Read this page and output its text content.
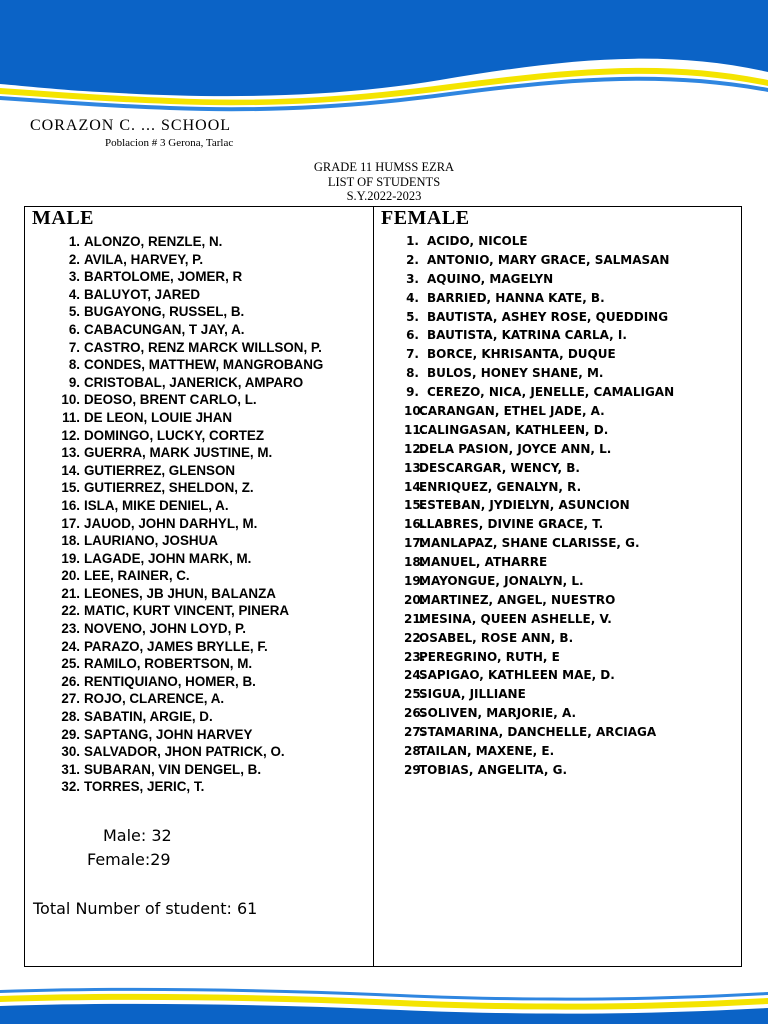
CORAZON C. ... SCHOOL

Poblacion # 3 Gerona, Tarlac

GRADE 11 HUMSS EZRA
LIST OF STUDENTS
S.Y.2022-2023
MALE	FEMALE
1. ALONZO, RENZLE, N.
2. AVILA, HARVEY, P.
3. BARTOLOME, JOMER, R
4. BALUYOT, JARED
5. BUGAYONG, RUSSEL, B.
6. CABACUNGAN, T JAY, A.
7. CASTRO, RENZ MARCK WILLSON, P.
8. CONDES, MATTHEW, MANGROBANG
9. CRISTOBAL, JANERICK, AMPARO
10. DEOSO, BRENT CARLO, L.
11. DE LEON, LOUIE JHAN
12. DOMINGO, LUCKY, CORTEZ
13. GUERRA, MARK JUSTINE, M.
14. GUTIERREZ, GLENSON
15. GUTIERREZ, SHELDON, Z.
16. ISLA, MIKE DENIEL, A.
17. JAUOD, JOHN DARHYL, M.
18. LAURIANO, JOSHUA
19. LAGADE, JOHN MARK, M.
20. LEE, RAINER, C.
21. LEONES, JB JHUN, BALANZA
22. MATIC, KURT VINCENT, PINERA
23. NOVENO, JOHN LOYD, P.
24. PARAZO, JAMES BRYLLE, F.
25. RAMILO, ROBERTSON, M.
26. RENTIQUIANO, HOMER, B.
27. ROJO, CLARENCE, A.
28. SABATIN, ARGIE, D.
29. SAPTANG, JOHN HARVEY
30. SALVADOR, JHON PATRICK, O.
31. SUBARAN, VIN DENGEL, B.
32. TORRES, JERIC, T.
1. ACIDO, NICOLE
2. ANTONIO, MARY GRACE, SALMASAN
3. AQUINO, MAGELYN
4. BARRIED, HANNA KATE, B.
5. BAUTISTA, ASHEY ROSE, QUEDDING
6. BAUTISTA, KATRINA CARLA, I.
7. BORCE, KHRISANTA, DUQUE
8. BULOS, HONEY SHANE, M.
9. CEREZO, NICA, JENELLE, CAMALIGAN
10.CARANGAN, ETHEL JADE, A.
11.CALINGASAN, KATHLEEN, D.
12.DELA PASION, JOYCE ANN, L.
13.DESCARGAR, WENCY, B.
14.ENRIQUEZ, GENALYN, R.
15.ESTEBAN, JYDIELYN, ASUNCION
16.LLABRES, DIVINE GRACE, T.
17.MANLAPAZ, SHANE CLARISSE, G.
18.MANUEL, ATHARRE
19.MAYONGUE, JONALYN, L.
20.MARTINEZ, ANGEL, NUESTRO
21.MESINA, QUEEN ASHELLE, V.
22.OSABEL, ROSE ANN, B.
23.PEREGRINO, RUTH, E
24.SAPIGAO, KATHLEEN MAE, D.
25.SIGUA, JILLIANE
26.SOLIVEN, MARJORIE, A.
27.STAMARINA, DANCHELLE, ARCIAGA
28.TAILAN, MAXENE, E.
29.TOBIAS, ANGELITA, G.

Male: 32

Female:29

Total Number of student: 61
